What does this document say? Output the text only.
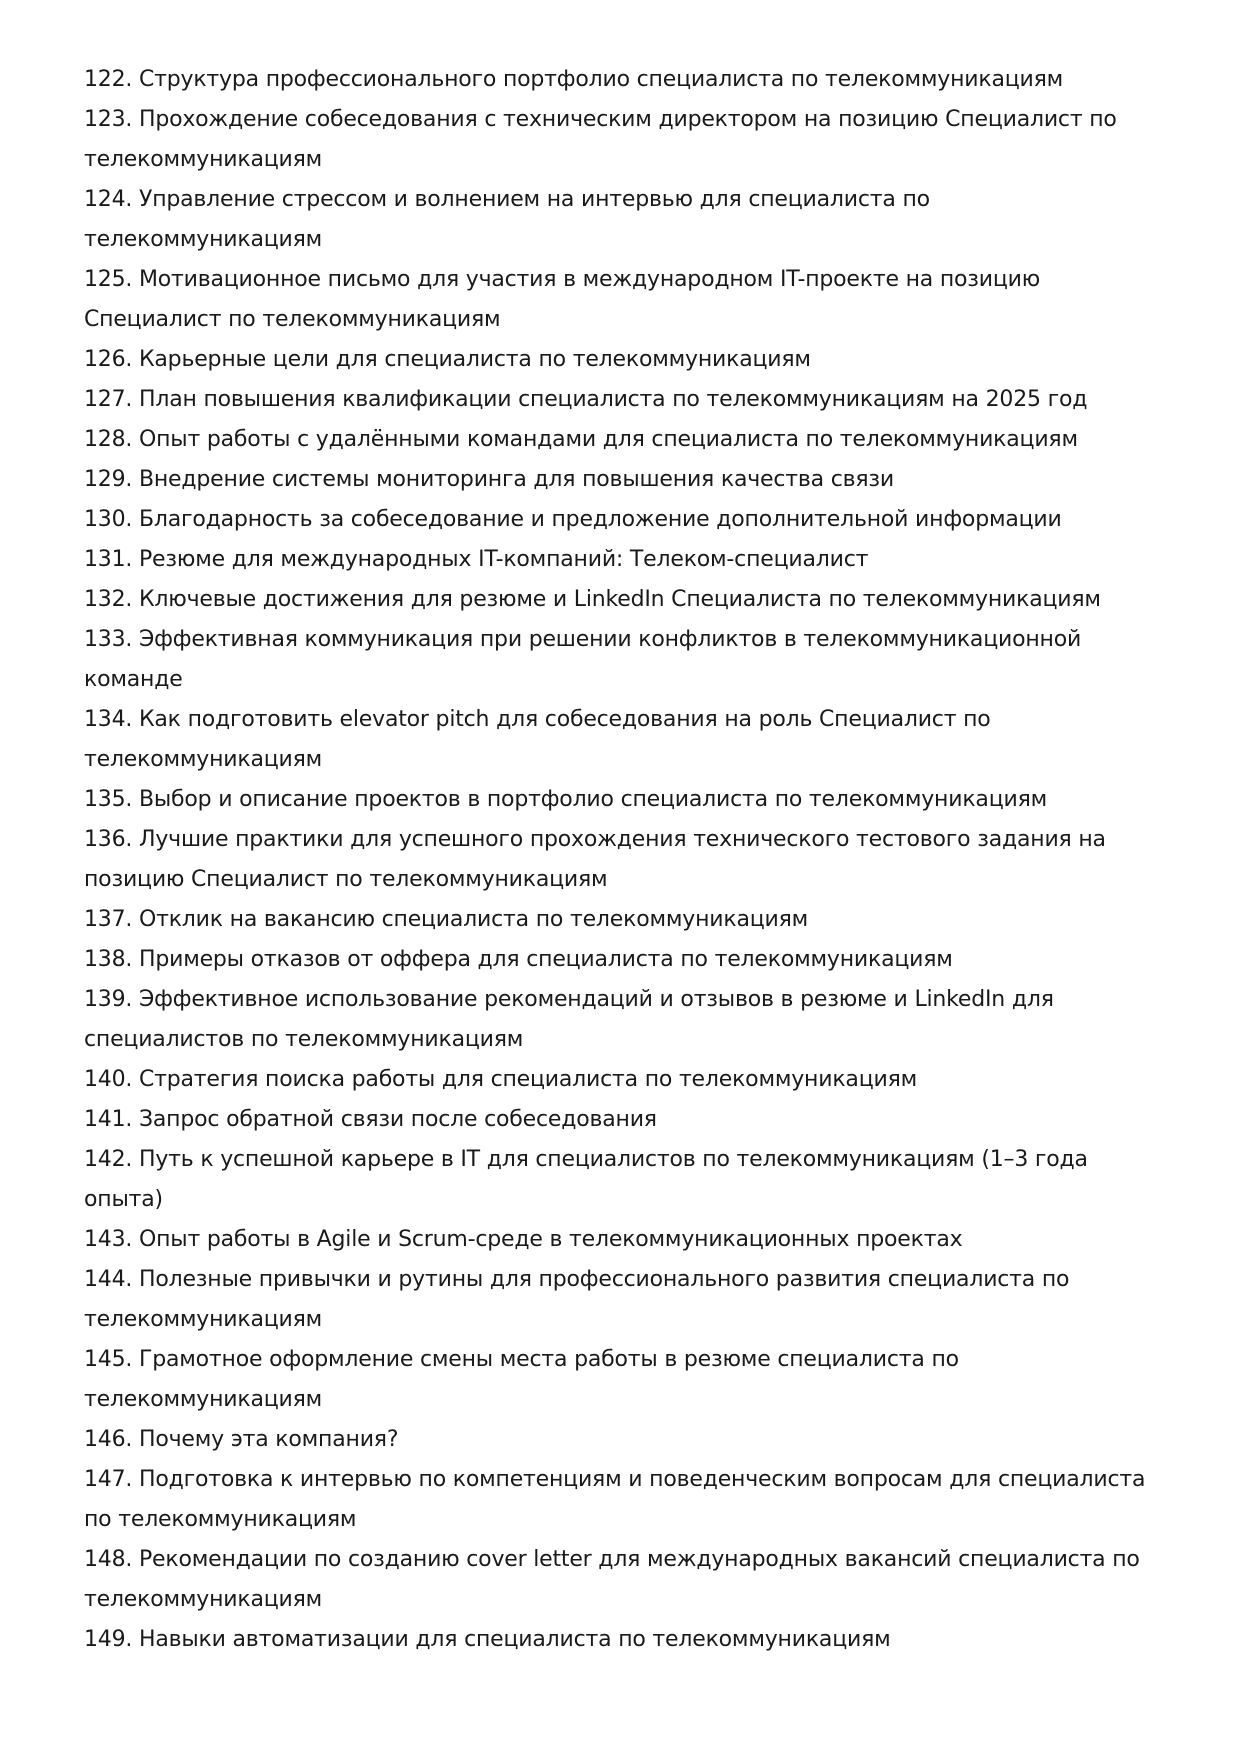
122. Структура профессионального портфолио специалиста по телекоммуникациям
123. Прохождение собеседования с техническим директором на позицию Специалист по телекоммуникациям
124. Управление стрессом и волнением на интервью для специалиста по телекоммуникациям
125. Мотивационное письмо для участия в международном IT-проекте на позицию Специалист по телекоммуникациям
126. Карьерные цели для специалиста по телекоммуникациям
127. План повышения квалификации специалиста по телекоммуникациям на 2025 год
128. Опыт работы с удалёнными командами для специалиста по телекоммуникациям
129. Внедрение системы мониторинга для повышения качества связи
130. Благодарность за собеседование и предложение дополнительной информации
131. Резюме для международных IT-компаний: Телеком-специалист
132. Ключевые достижения для резюме и LinkedIn Специалиста по телекоммуникациям
133. Эффективная коммуникация при решении конфликтов в телекоммуникационной команде
134. Как подготовить elevator pitch для собеседования на роль Специалист по телекоммуникациям
135. Выбор и описание проектов в портфолио специалиста по телекоммуникациям
136. Лучшие практики для успешного прохождения технического тестового задания на позицию Специалист по телекоммуникациям
137. Отклик на вакансию специалиста по телекоммуникациям
138. Примеры отказов от оффера для специалиста по телекоммуникациям
139. Эффективное использование рекомендаций и отзывов в резюме и LinkedIn для специалистов по телекоммуникациям
140. Стратегия поиска работы для специалиста по телекоммуникациям
141. Запрос обратной связи после собеседования
142. Путь к успешной карьере в IT для специалистов по телекоммуникациям (1–3 года опыта)
143. Опыт работы в Agile и Scrum-среде в телекоммуникационных проектах
144. Полезные привычки и рутины для профессионального развития специалиста по телекоммуникациям
145. Грамотное оформление смены места работы в резюме специалиста по телекоммуникациям
146. Почему эта компания?
147. Подготовка к интервью по компетенциям и поведенческим вопросам для специалиста по телекоммуникациям
148. Рекомендации по созданию cover letter для международных вакансий специалиста по телекоммуникациям
149. Навыки автоматизации для специалиста по телекоммуникациям
